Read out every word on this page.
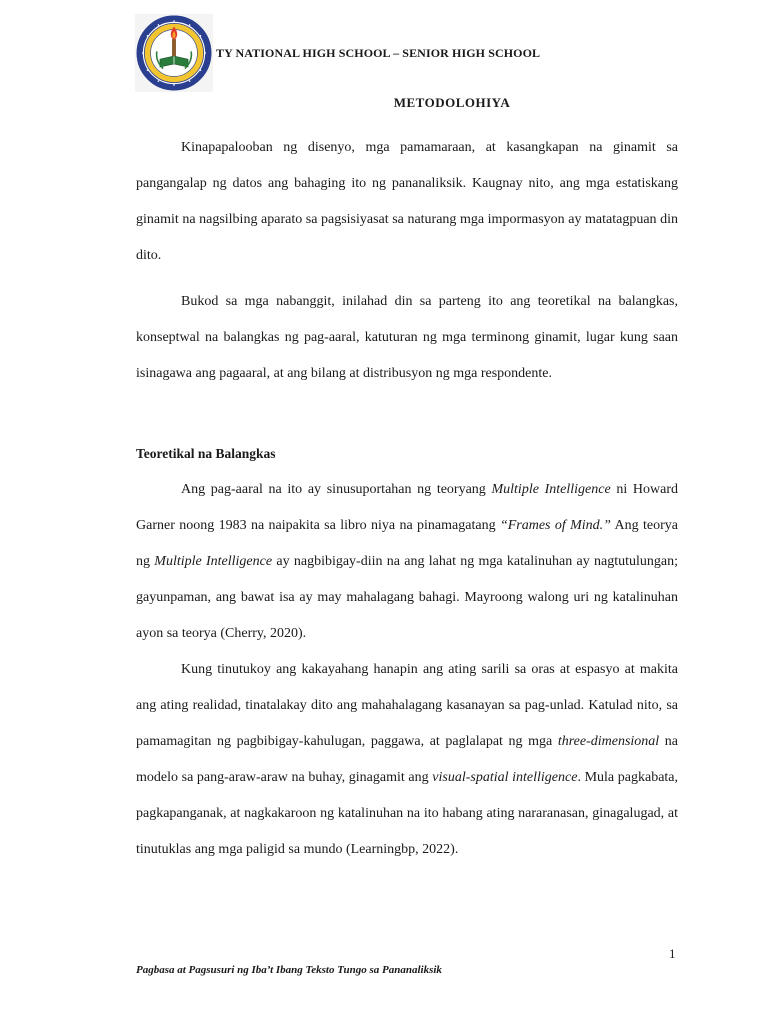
TY NATIONAL HIGH SCHOOL – SENIOR HIGH SCHOOL
METODOLOHIYA

Kinapapalooban ng disenyo, mga pamamaraan, at kasangkapan na ginamit sa pangangalap ng datos ang bahaging ito ng pananaliksik. Kaugnay nito, ang mga estatiskang ginamit na nagsilbing aparato sa pagsisiyasat sa naturang mga impormasyon ay matatagpuan din dito.

Bukod sa mga nabanggit, inilahad din sa parteng ito ang teoretikal na balangkas, konseptwal na balangkas ng pag-aaral, katuturan ng mga terminong ginamit, lugar kung saan isinagawa ang pagaaral, at ang bilang at distribusyon ng mga respondente.

Teoretikal na Balangkas

Ang pag-aaral na ito ay sinusuportahan ng teoryang Multiple Intelligence ni Howard Garner noong 1983 na naipakita sa libro niya na pinamagatang “Frames of Mind.” Ang teorya ng Multiple Intelligence ay nagbibigay-diin na ang lahat ng mga katalinuhan ay nagtutulungan; gayunpaman, ang bawat isa ay may mahalagang bahagi. Mayroong walong uri ng katalinuhan ayon sa teorya (Cherry, 2020).

Kung tinutukoy ang kakayahang hanapin ang ating sarili sa oras at espasyo at makita ang ating realidad, tinatalakay dito ang mahahalagang kasanayan sa pag-unlad. Katulad nito, sa pamamagitan ng pagbibigay-kahulugan, paggawa, at paglalapat ng mga three-dimensional na modelo sa pang-araw-araw na buhay, ginagamit ang visual-spatial intelligence. Mula pagkabata, pagkapanganak, at nagkakaroon ng katalinuhan na ito habang ating nararanasan, ginagalugad, at tinutuklas ang mga paligid sa mundo (Learningbp, 2022).

1
Pagbasa at Pagsusuri ng Iba’t Ibang Teksto Tungo sa Pananaliksik
